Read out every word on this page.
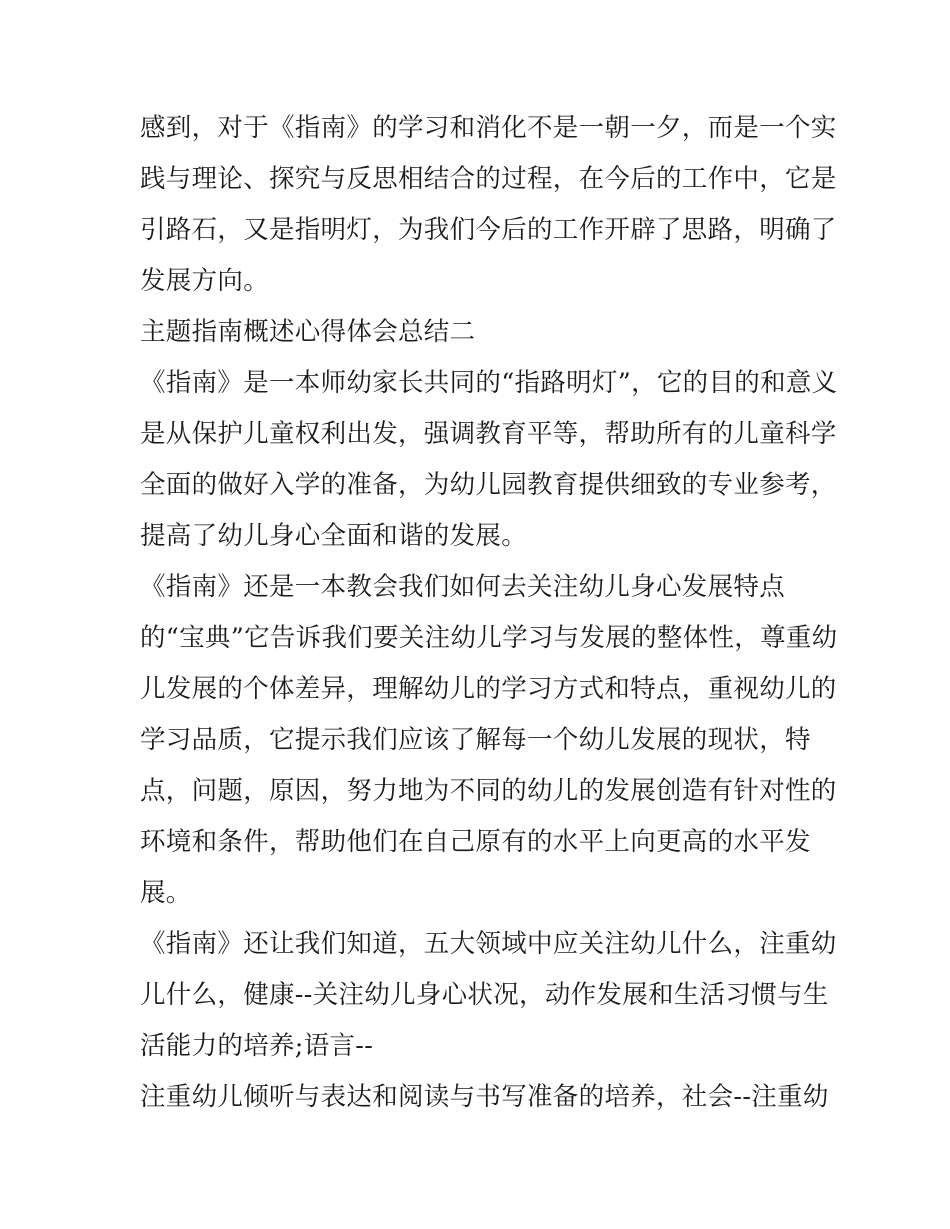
感到，对于《指南》的学习和消化不是一朝一夕，而是一个实
践与理论、探究与反思相结合的过程，在今后的工作中，它是
引路石，又是指明灯，为我们今后的工作开辟了思路，明确了
发展方向。
主题指南概述心得体会总结二
《指南》是一本师幼家长共同的“指路明灯”，它的目的和意义
是从保护儿童权利出发，强调教育平等，帮助所有的儿童科学
全面的做好入学的准备，为幼儿园教育提供细致的专业参考，
提高了幼儿身心全面和谐的发展。
《指南》还是一本教会我们如何去关注幼儿身心发展特点
的“宝典”它告诉我们要关注幼儿学习与发展的整体性，尊重幼
儿发展的个体差异，理解幼儿的学习方式和特点，重视幼儿的
学习品质，它提示我们应该了解每一个幼儿发展的现状，特
点，问题，原因，努力地为不同的幼儿的发展创造有针对性的
环境和条件，帮助他们在自己原有的水平上向更高的水平发
展。
《指南》还让我们知道，五大领域中应关注幼儿什么，注重幼
儿什么，健康--关注幼儿身心状况，动作发展和生活习惯与生
活能力的培养;语言--
注重幼儿倾听与表达和阅读与书写准备的培养，社会--注重幼
